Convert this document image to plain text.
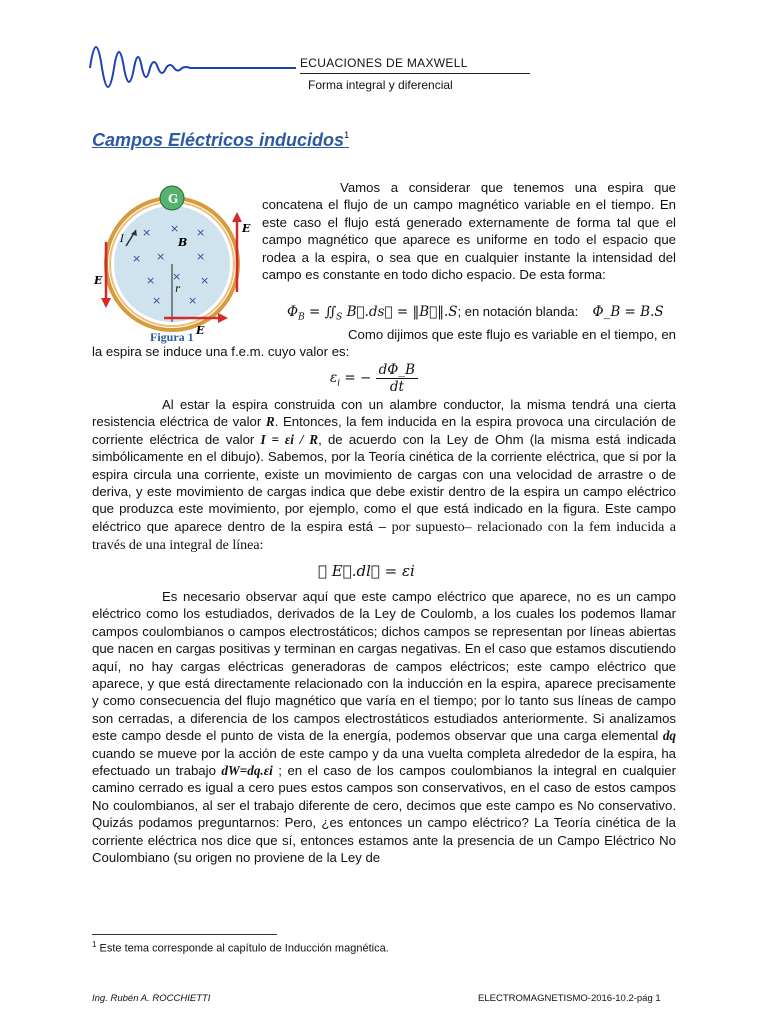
ECUACIONES DE MAXWELL
Forma integral y diferencial
Campos Eléctricos inducidos$^1$
G
× × ×
× ×	×
× × ×
× ×
B
r
I
E
E
E
Figura 1
Vamos a considerar que tenemos una espira que concatena el flujo de un campo magnético variable en el tiempo. En este caso el flujo está generado externamente de forma tal que el campo magnético que aparece es uniforme en todo el espacio que rodea a la espira, o sea que en cualquier instante la intensidad del campo es constante en todo dicho espacio. De esta forma:
$\Phi_B$ = $∬_S$ B⃗.ds⃗ = ‖B⃗‖.S; en notación blanda: Φ_B = B.S
Como dijimos que este flujo es variable en el tiempo, en la espira se induce una f.e.m. cuyo valor es:
$\varepsilon_i$ = − $\frac{d\Phi\_B}{dt}$
Al estar la espira construida con un alambre conductor, la misma tendrá una cierta resistencia eléctrica de valor R. Entonces, la fem inducida en la espira provoca una circulación de corriente eléctrica de valor I = εi / R, de acuerdo con la Ley de Ohm (la misma está indicada simbólicamente en el dibujo). Sabemos, por la Teoría cinética de la corriente eléctrica, que si por la espira circula una corriente, existe un movimiento de cargas con una velocidad de arrastre o de deriva, y este movimiento de cargas indica que debe existir dentro de la espira un campo eléctrico que produzca este movimiento, por ejemplo, como el que está indicado en la figura. Este campo eléctrico que aparece dentro de la espira está – por supuesto– relacionado con la fem inducida a través de una integral de línea:
∮ E⃗.dl⃗ = εi
Es necesario observar aquí que este campo eléctrico que aparece, no es un campo eléctrico como los estudiados, derivados de la Ley de Coulomb, a los cuales los podemos llamar campos coulombianos o campos electrostáticos; dichos campos se representan por líneas abiertas que nacen en cargas positivas y terminan en cargas negativas. En el caso que estamos discutiendo aquí, no hay cargas eléctricas generadoras de campos eléctricos; este campo eléctrico que aparece, y que está directamente relacionado con la inducción en la espira, aparece precisamente y como consecuencia del flujo magnético que varía en el tiempo; por lo tanto sus líneas de campo son cerradas, a diferencia de los campos electrostáticos estudiados anteriormente. Si analizamos este campo desde el punto de vista de la energía, podemos observar que una carga elemental dq cuando se mueve por la acción de este campo y da una vuelta completa alrededor de la espira, ha efectuado un trabajo dW=dq.εi ; en el caso de los campos coulombianos la integral en cualquier camino cerrado es igual a cero pues estos campos son conservativos, en el caso de estos campos No coulombianos, al ser el trabajo diferente de cero, decimos que este campo es No conservativo. Quizás podamos preguntarnos: Pero, ¿es entonces un campo eléctrico? La Teoría cinética de la corriente eléctrica nos dice que sí, entonces estamos ante la presencia de un Campo Eléctrico No Coulombiano (su origen no proviene de la Ley de
$^1$ Este tema corresponde al capítulo de Inducción magnética.
Ing. Rubén A. ROCCHIETTI	ELECTROMAGNETISMO-2016-10.2-pág 1
